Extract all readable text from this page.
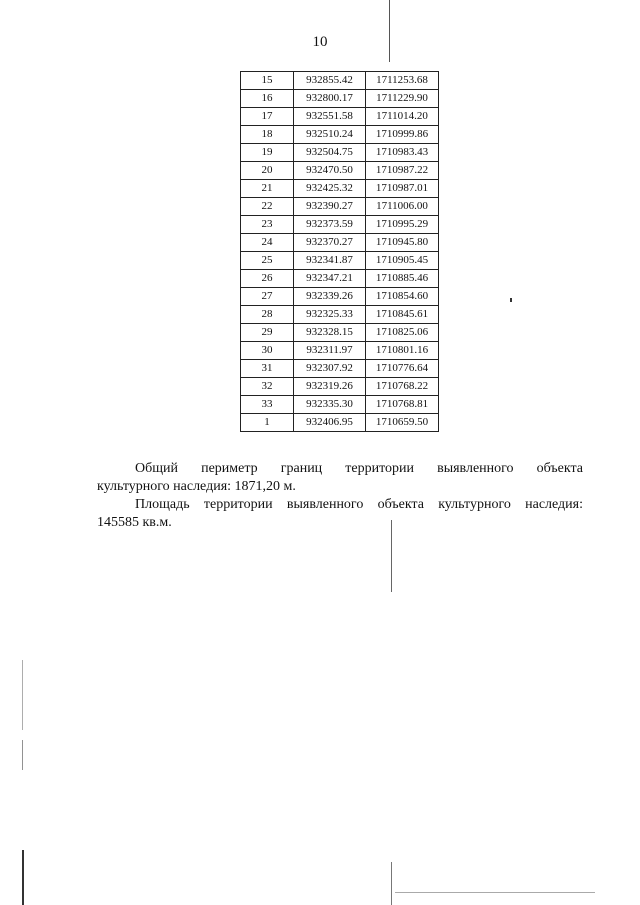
10
15	932855.42	1711253.68
16	932800.17	1711229.90
17	932551.58	1711014.20
18	932510.24	1710999.86
19	932504.75	1710983.43
20	932470.50	1710987.22
21	932425.32	1710987.01
22	932390.27	1711006.00
23	932373.59	1710995.29
24	932370.27	1710945.80
25	932341.87	1710905.45
26	932347.21	1710885.46
27	932339.26	1710854.60
28	932325.33	1710845.61
29	932328.15	1710825.06
30	932311.97	1710801.16
31	932307.92	1710776.64
32	932319.26	1710768.22
33	932335.30	1710768.81
1	932406.95	1710659.50

Общий периметр границ территории выявленного объекта

культурного наследия: 1871,20 м.

Площадь территории выявленного объекта культурного наследия:

145585 кв.м.
